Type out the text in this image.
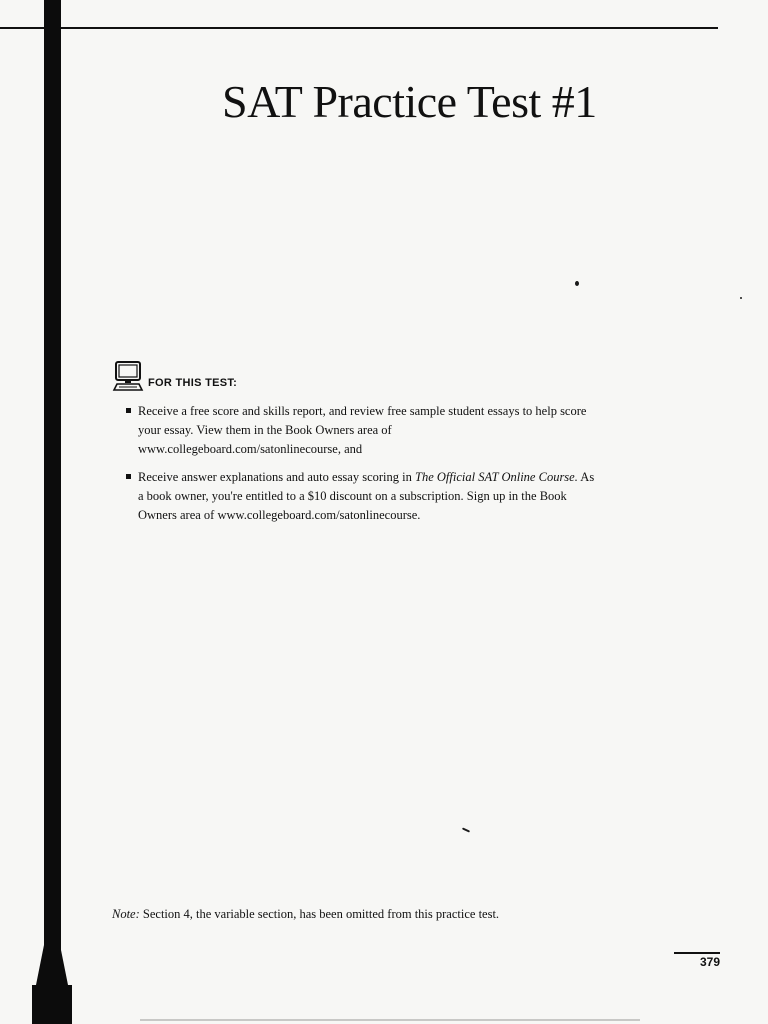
SAT Practice Test #1
FOR THIS TEST:
Receive a free score and skills report, and review free sample student essays to help score your essay. View them in the Book Owners area of www.collegeboard.com/satonlinecourse, and
Receive answer explanations and auto essay scoring in The Official SAT Online Course. As a book owner, you're entitled to a $10 discount on a subscription. Sign up in the Book Owners area of www.collegeboard.com/satonlinecourse.
Note: Section 4, the variable section, has been omitted from this practice test.
379
